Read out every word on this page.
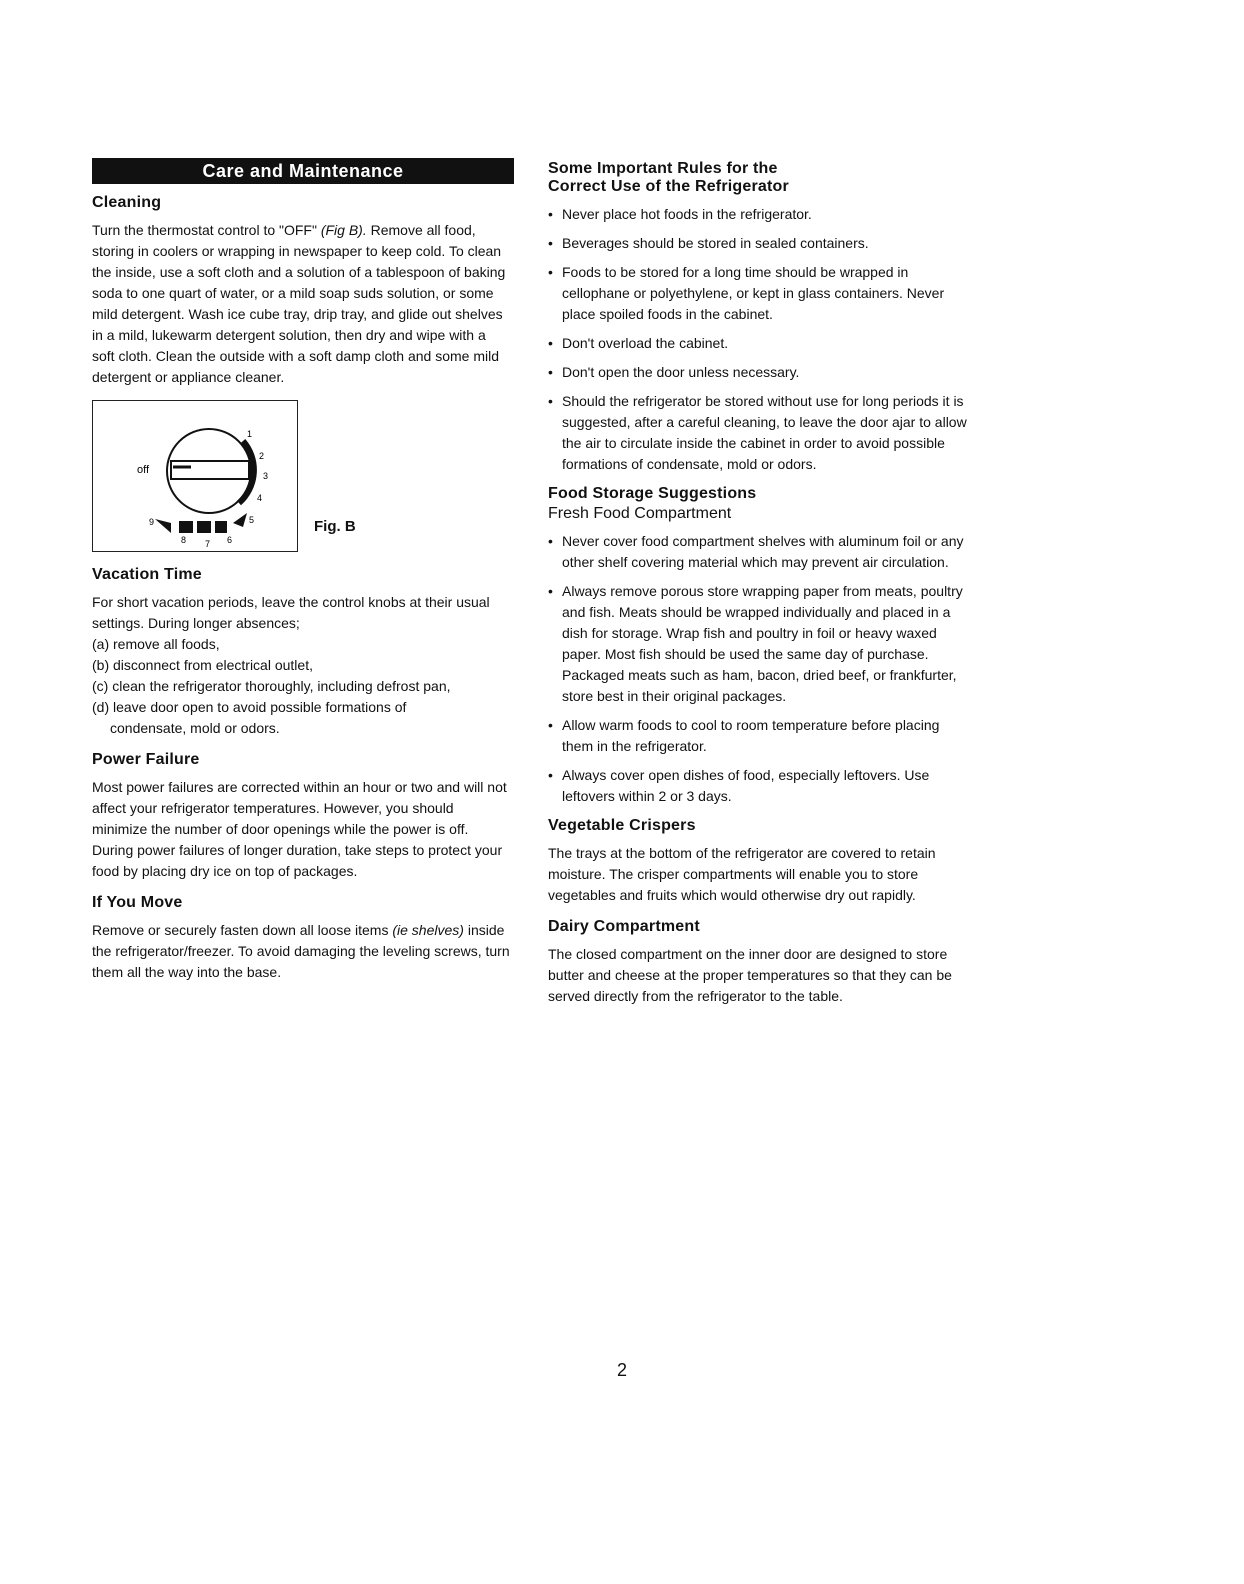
Care and Maintenance
Cleaning

Turn the thermostat control to "OFF" (Fig B). Remove all food, storing in coolers or wrapping in newspaper to keep cold. To clean the inside, use a soft cloth and a solution of a tablespoon of baking soda to one quart of water, or a mild soap suds solution, or some mild detergent. Wash ice cube tray, drip tray, and glide out shelves in a mild, lukewarm detergent solution, then dry and wipe with a soft cloth. Clean the outside with a soft damp cloth and some mild detergent or appliance cleaner.

off
1
2
3
4
5
6
7
8
9	Fig. B
Vacation Time
For short vacation periods, leave the control knobs at their usual settings. During longer absences;
(a) remove all foods,
(b) disconnect from electrical outlet,
(c) clean the refrigerator thoroughly, including defrost pan,
(d) leave door open to avoid possible formations of
condensate, mold or odors.
Power Failure

Most power failures are corrected within an hour or two and will not affect your refrigerator temperatures. However, you should minimize the number of door openings while the power is off. During power failures of longer duration, take steps to protect your food by placing dry ice on top of packages.

If You Move

Remove or securely fasten down all loose items (ie shelves) inside the refrigerator/freezer. To avoid damaging the leveling screws, turn them all the way into the base.

Some Important Rules for the
Correct Use of the Refrigerator
• Never place hot foods in the refrigerator.
• Beverages should be stored in sealed containers.
• Foods to be stored for a long time should be wrapped in cellophane or polyethylene, or kept in glass containers. Never place spoiled foods in the cabinet.
• Don't overload the cabinet.
• Don't open the door unless necessary.
• Should the refrigerator be stored without use for long periods it is suggested, after a careful cleaning, to leave the door ajar to allow the air to circulate inside the cabinet in order to avoid possible formations of condensate, mold or odors.
Food Storage Suggestions
Fresh Food Compartment
• Never cover food compartment shelves with aluminum foil or any other shelf covering material which may prevent air circulation.
• Always remove porous store wrapping paper from meats, poultry and fish. Meats should be wrapped individually and placed in a dish for storage. Wrap fish and poultry in foil or heavy waxed paper. Most fish should be used the same day of purchase. Packaged meats such as ham, bacon, dried beef, or frankfurter, store best in their original packages.
• Allow warm foods to cool to room temperature before placing them in the refrigerator.
• Always cover open dishes of food, especially leftovers. Use leftovers within 2 or 3 days.
Vegetable Crispers

The trays at the bottom of the refrigerator are covered to retain moisture. The crisper compartments will enable you to store vegetables and fruits which would otherwise dry out rapidly.

Dairy Compartment

The closed compartment on the inner door are designed to store butter and cheese at the proper temperatures so that they can be served directly from the refrigerator to the table.

2
